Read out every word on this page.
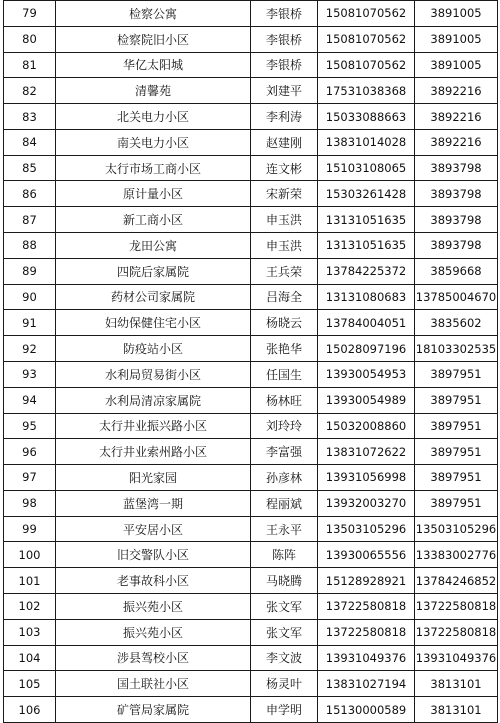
79	检察公寓	李银桥	15081070562	3891005
80	检察院旧小区	李银桥	15081070562	3891005
81	华亿太阳城	李银桥	15081070562	3891005
82	清馨苑	刘建平	17531038368	3892216
83	北关电力小区	李利涛	15033088663	3892216
84	南关电力小区	赵建刚	13831014028	3892216
85	太行市场工商小区	连文彬	15103108065	3893798
86	原计量小区	宋新荣	15303261428	3893798
87	新工商小区	申玉洪	13131051635	3893798
88	龙田公寓	申玉洪	13131051635	3893798
89	四院后家属院	王兵荣	13784225372	3859668
90	药材公司家属院	吕海全	13131080683	13785004670
91	妇幼保健住宅小区	杨晓云	13784004051	3835602
92	防疫站小区	张艳华	15028097196	18103302535
93	水利局贸易街小区	任国生	13930054953	3897951
94	水利局清凉家属院	杨林旺	13930054989	3897951
95	太行井业振兴路小区	刘玲玲	15032008860	3897951
96	太行井业索州路小区	李富强	13831072622	3897951
97	阳光家园	孙彦林	13931056998	3897951
98	蓝堡湾一期	程丽斌	13932003270	3897951
99	平安居小区	王永平	13503105296	13503105296
100	旧交警队小区	陈阵	13930065556	13383002776
101	老事故科小区	马晓腾	15128928921	13784246852
102	振兴苑小区	张文军	13722580818	13722580818
103	振兴苑小区	张文军	13722580818	13722580818
104	涉县驾校小区	李文波	13931049376	13931049376
105	国土联社小区	杨灵叶	13831027194	3813101
106	矿管局家属院	申学明	15130000589	3813101
